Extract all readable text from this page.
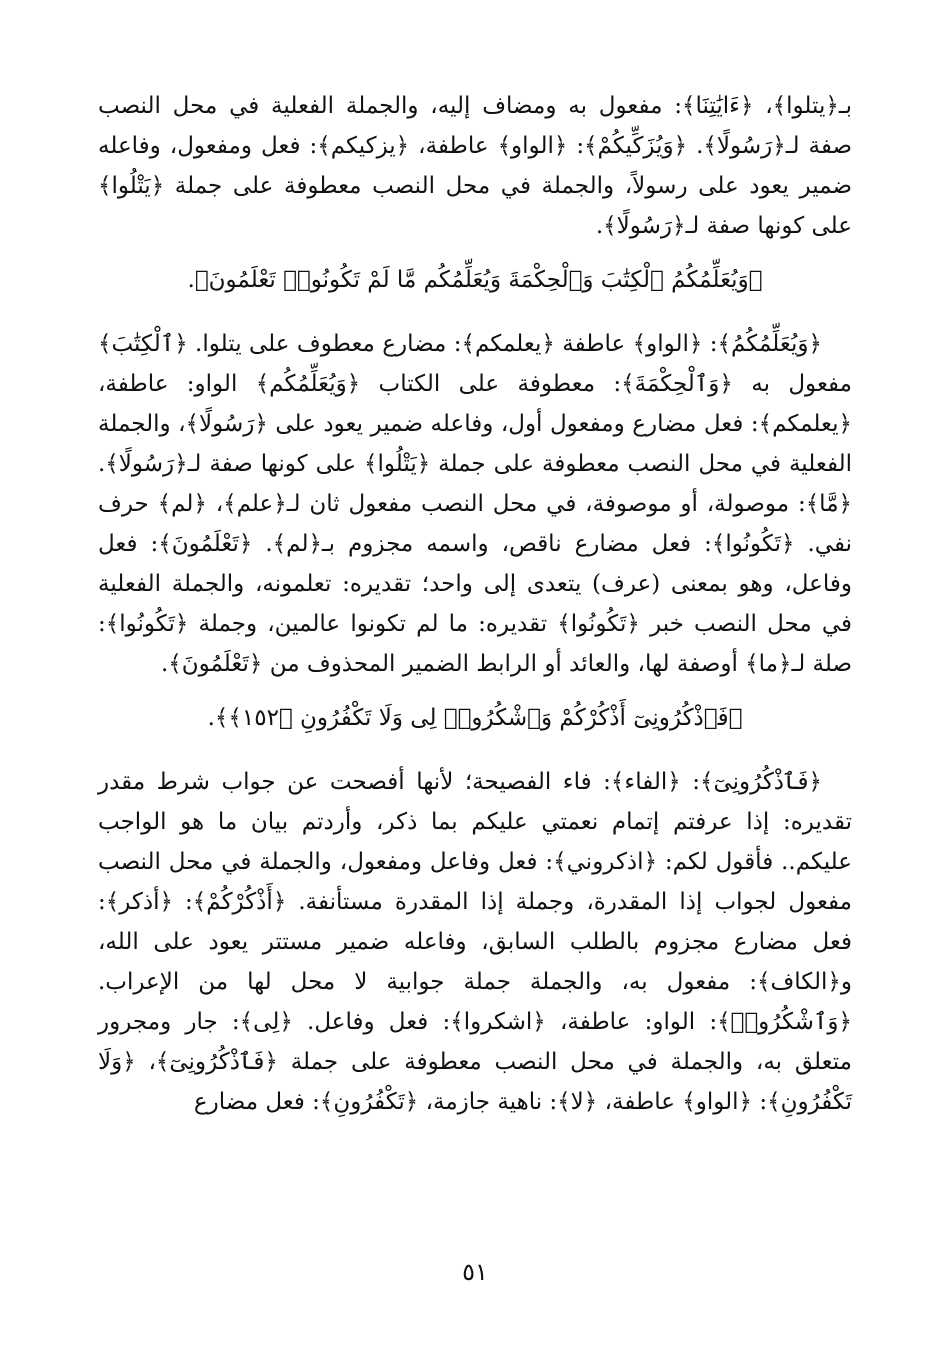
بـ﴿يتلوا﴾، ﴿ءَايَٰتِنَا﴾: مفعول به ومضاف إليه، والجملة الفعلية في محل النصب صفة لـ﴿رَسُولًا﴾. ﴿وَيُزَكِّيكُمْ﴾: ﴿الواو﴾ عاطفة، ﴿يزكيكم﴾: فعل ومفعول، وفاعله ضمير يعود على رسولاً، والجملة في محل النصب معطوفة على جملة ﴿يَتْلُوا﴾ على كونها صفة لـ﴿رَسُولًا﴾.

﴿وَيُعَلِّمُكُمُ ٱلْكِتَٰبَ وَٱلْحِكْمَةَ وَيُعَلِّمُكُم مَّا لَمْ تَكُونُوا۟ تَعْلَمُونَ﴾.

﴿وَيُعَلِّمُكُمُ﴾: ﴿الواو﴾ عاطفة ﴿يعلمكم﴾: مضارع معطوف على يتلوا. ﴿ٱلْكِتَٰبَ﴾ مفعول به ﴿وَٱلْحِكْمَةَ﴾: معطوفة على الكتاب ﴿وَيُعَلِّمُكُم﴾ الواو: عاطفة، ﴿يعلمكم﴾: فعل مضارع ومفعول أول، وفاعله ضمير يعود على ﴿رَسُولًا﴾، والجملة الفعلية في محل النصب معطوفة على جملة ﴿يَتْلُوا﴾ على كونها صفة لـ﴿رَسُولًا﴾. ﴿مَّا﴾: موصولة، أو موصوفة، في محل النصب مفعول ثان لـ﴿علم﴾، ﴿لم﴾ حرف نفي. ﴿تَكُونُوا﴾: فعل مضارع ناقص، واسمه مجزوم بـ﴿لم﴾. ﴿تَعْلَمُونَ﴾: فعل وفاعل، وهو بمعنى (عرف) يتعدى إلى واحد؛ تقديره: تعلمونه، والجملة الفعلية في محل النصب خبر ﴿تَكُونُوا﴾ تقديره: ما لم تكونوا عالمين، وجملة ﴿تَكُونُوا﴾: صلة لـ﴿ما﴾ أوصفة لها، والعائد أو الرابط الضمير المحذوف من ﴿تَعْلَمُونَ﴾.

﴿فَٱذْكُرُونِىٓ أَذْكُرْكُمْ وَٱشْكُرُوا۟ لِى وَلَا تَكْفُرُونِ ﴿١٥٢﴾﴾.

﴿فَٱذْكُرُونِىٓ﴾: ﴿الفاء﴾: فاء الفصيحة؛ لأنها أفصحت عن جواب شرط مقدر تقديره: إذا عرفتم إتمام نعمتي عليكم بما ذكر، وأردتم بيان ما هو الواجب عليكم.. فأقول لكم: ﴿اذكروني﴾: فعل وفاعل ومفعول، والجملة في محل النصب مفعول لجواب إذا المقدرة، وجملة إذا المقدرة مستأنفة. ﴿أَذْكُرْكُمْ﴾: ﴿أذكر﴾: فعل مضارع مجزوم بالطلب السابق، وفاعله ضمير مستتر يعود على الله، و﴿الكاف﴾: مفعول به، والجملة جملة جوابية لا محل لها من الإعراب. ﴿وَٱشْكُرُوا۟﴾: الواو: عاطفة، ﴿اشكروا﴾: فعل وفاعل. ﴿لِى﴾: جار ومجرور متعلق به، والجملة في محل النصب معطوفة على جملة ﴿فَٱذْكُرُونِىٓ﴾، ﴿وَلَا تَكْفُرُونِ﴾: ﴿الواو﴾ عاطفة، ﴿لا﴾: ناهية جازمة، ﴿تَكْفُرُونِ﴾: فعل مضارع

٥١
